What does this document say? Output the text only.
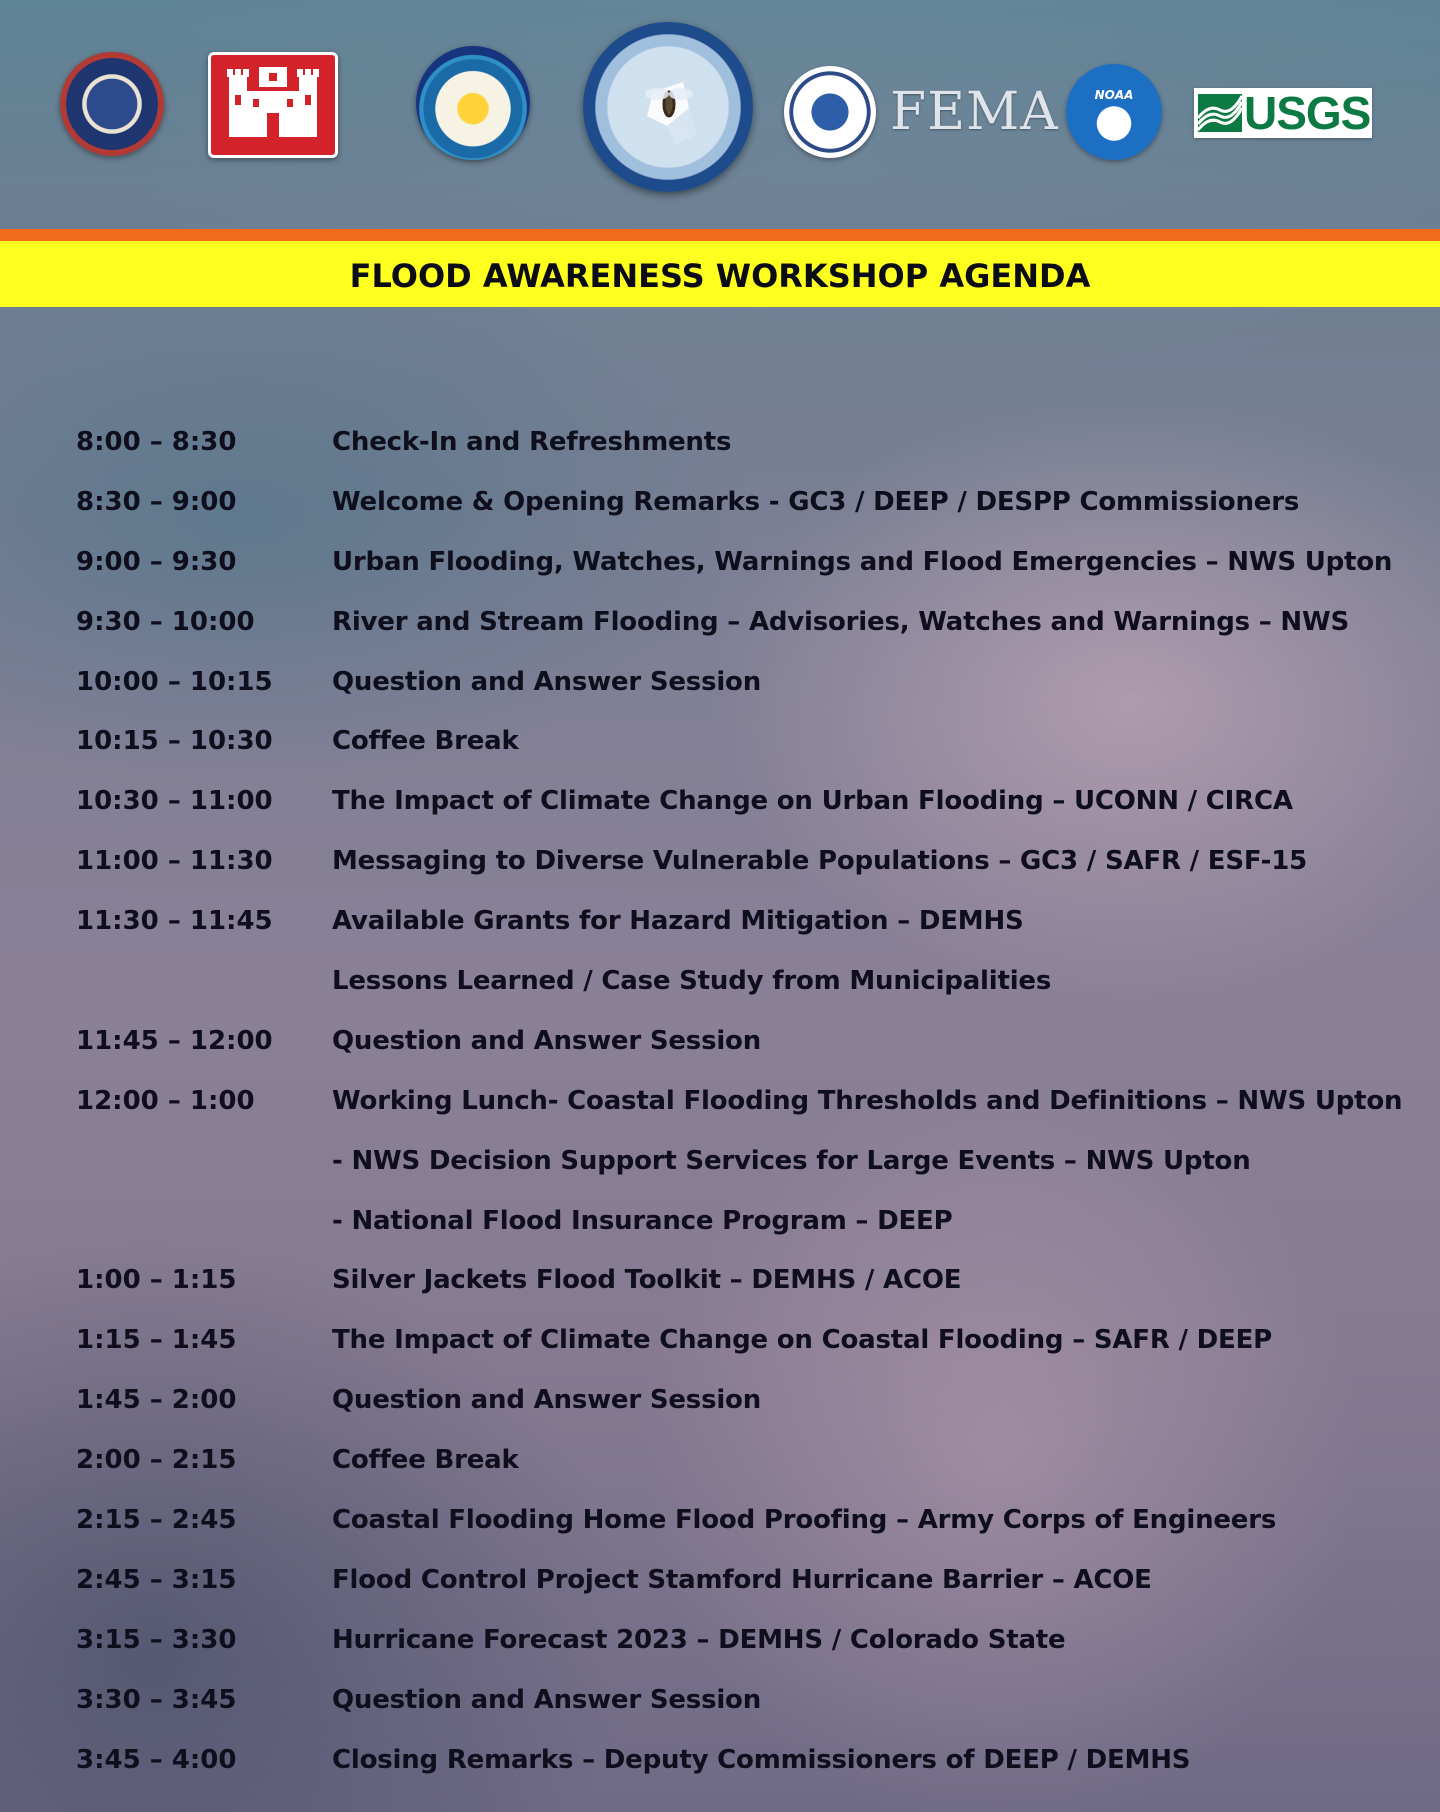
FEMA	NOAA	USGS
FLOOD AWARENESS WORKSHOP AGENDA
8:00 – 8:30	Check-In and Refreshments
8:30 – 9:00	Welcome & Opening Remarks - GC3 / DEEP / DESPP Commissioners
9:00 – 9:30	Urban Flooding, Watches, Warnings and Flood Emergencies – NWS Upton
9:30 – 10:00	River and Stream Flooding – Advisories, Watches and Warnings – NWS
10:00 – 10:15	Question and Answer Session
10:15 – 10:30	Coffee Break
10:30 – 11:00	The Impact of Climate Change on Urban Flooding – UCONN / CIRCA
11:00 – 11:30	Messaging to Diverse Vulnerable Populations – GC3 / SAFR / ESF-15
11:30 – 11:45	Available Grants for Hazard Mitigation – DEMHS
Lessons Learned / Case Study from Municipalities
11:45 – 12:00	Question and Answer Session
12:00 – 1:00	Working Lunch- Coastal Flooding Thresholds and Definitions – NWS Upton
- NWS Decision Support Services for Large Events – NWS Upton
- National Flood Insurance Program – DEEP
1:00 – 1:15	Silver Jackets Flood Toolkit – DEMHS / ACOE
1:15 – 1:45	The Impact of Climate Change on Coastal Flooding – SAFR / DEEP
1:45 – 2:00	Question and Answer Session
2:00 – 2:15	Coffee Break
2:15 – 2:45	Coastal Flooding Home Flood Proofing – Army Corps of Engineers
2:45 – 3:15	Flood Control Project Stamford Hurricane Barrier – ACOE
3:15 – 3:30	Hurricane Forecast 2023 – DEMHS / Colorado State
3:30 – 3:45	Question and Answer Session
3:45 – 4:00	Closing Remarks – Deputy Commissioners of DEEP / DEMHS
